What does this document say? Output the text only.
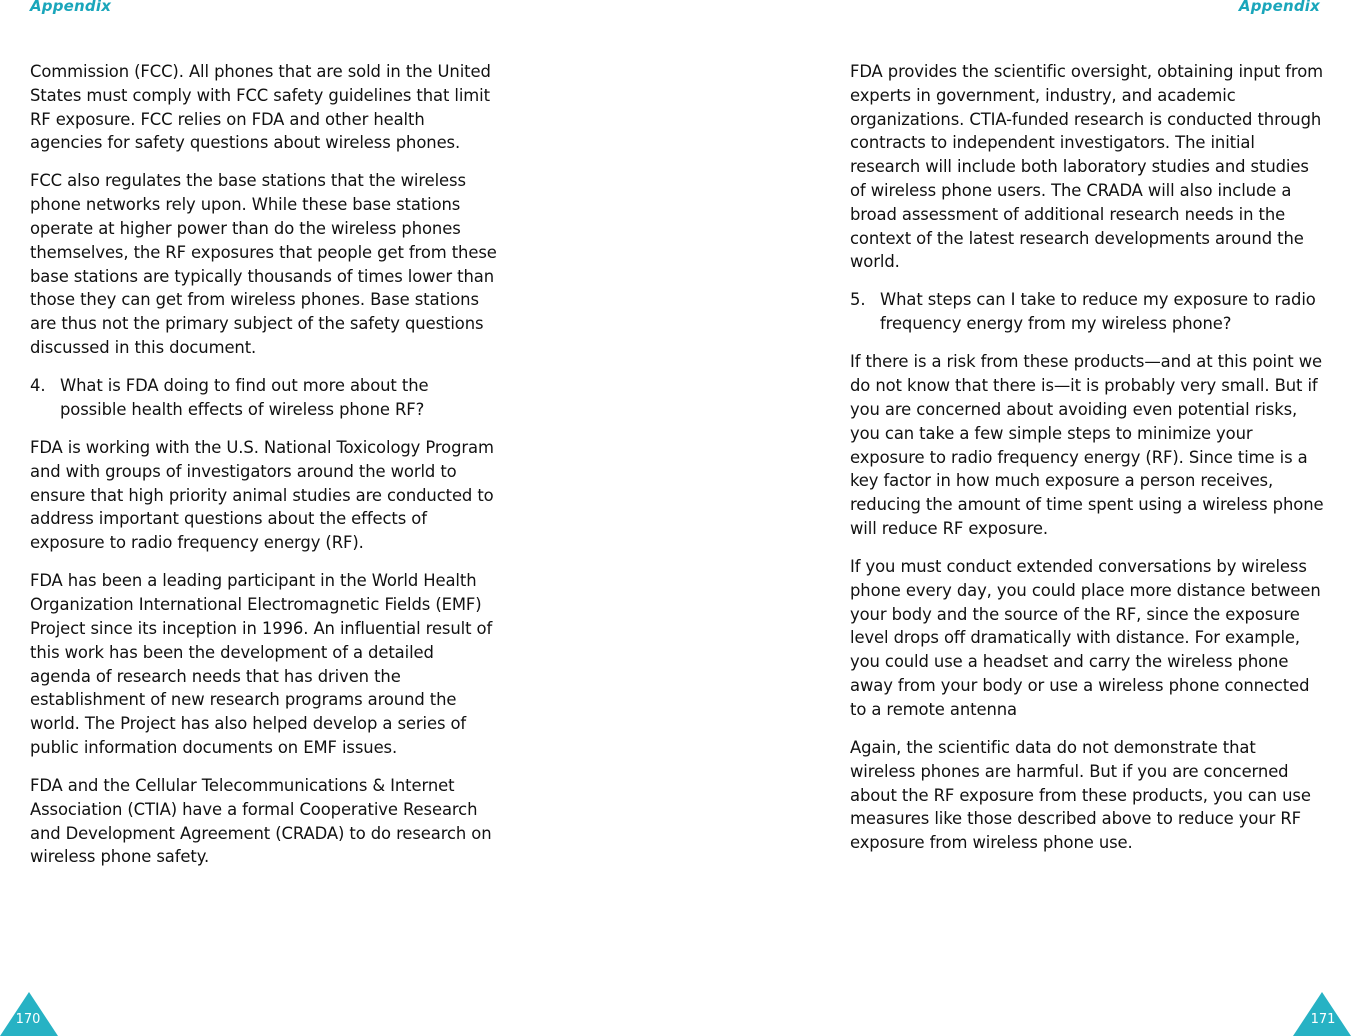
Appendix

Commission (FCC). All phones that are sold in the United States must comply with FCC safety guidelines that limit RF exposure. FCC relies on FDA and other health agencies for safety questions about wireless phones.

FCC also regulates the base stations that the wireless phone networks rely upon. While these base stations operate at higher power than do the wireless phones themselves, the RF exposures that people get from these base stations are typically thousands of times lower than those they can get from wireless phones. Base stations are thus not the primary subject of the safety questions discussed in this document.

4. What is FDA doing to find out more about the possible health effects of wireless phone RF?

FDA is working with the U.S. National Toxicology Program and with groups of investigators around the world to ensure that high priority animal studies are conducted to address important questions about the effects of exposure to radio frequency energy (RF).

FDA has been a leading participant in the World Health Organization International Electromagnetic Fields (EMF) Project since its inception in 1996. An influential result of this work has been the development of a detailed agenda of research needs that has driven the establishment of new research programs around the world. The Project has also helped develop a series of public information documents on EMF issues.

FDA and the Cellular Telecommunications & Internet Association (CTIA) have a formal Cooperative Research and Development Agreement (CRADA) to do research on wireless phone safety.

170
Appendix

FDA provides the scientific oversight, obtaining input from experts in government, industry, and academic organizations. CTIA-funded research is conducted through contracts to independent investigators. The initial research will include both laboratory studies and studies of wireless phone users. The CRADA will also include a broad assessment of additional research needs in the context of the latest research developments around the world.

5. What steps can I take to reduce my exposure to radio frequency energy from my wireless phone?

If there is a risk from these products—and at this point we do not know that there is—it is probably very small. But if you are concerned about avoiding even potential risks, you can take a few simple steps to minimize your exposure to radio frequency energy (RF). Since time is a key factor in how much exposure a person receives, reducing the amount of time spent using a wireless phone will reduce RF exposure.

If you must conduct extended conversations by wireless phone every day, you could place more distance between your body and the source of the RF, since the exposure level drops off dramatically with distance. For example, you could use a headset and carry the wireless phone away from your body or use a wireless phone connected to a remote antenna

Again, the scientific data do not demonstrate that wireless phones are harmful. But if you are concerned about the RF exposure from these products, you can use measures like those described above to reduce your RF exposure from wireless phone use.

171
